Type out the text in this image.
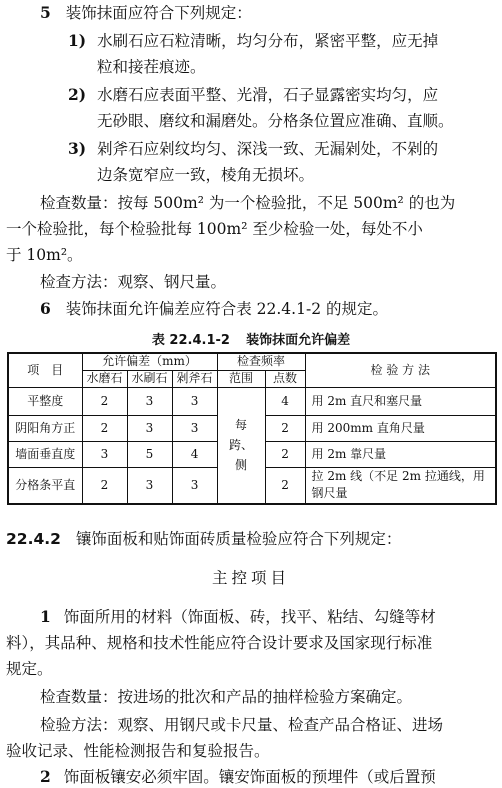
5 装饰抹面应符合下列规定：
1) 水刷石应石粒清晰，均匀分布，紧密平整，应无掉
粒和接茬痕迹。
2) 水磨石应表面平整、光滑，石子显露密实均匀，应
无砂眼、磨纹和漏磨处。分格条位置应准确、直顺。
3) 剁斧石应剁纹均匀、深浅一致、无漏剁处，不剁的
边条宽窄应一致，棱角无损坏。
检查数量：按每 500m² 为一个检验批，不足 500m² 的也为
一个检验批，每个检验批每 100m² 至少检验一处，每处不小
于 10m²。
检查方法：观察、钢尺量。
6 装饰抹面允许偏差应符合表 22.4.1-2 的规定。
表 22.4.1-2 装饰抹面允许偏差
项　目	允许偏差（mm）			检查频率		检 验 方 法
	水磨石	水刷石	剁斧石	范围	点数	
平整度	2	3	3	每跨、侧	4	用 2m 直尺和塞尺量
阴阳角方正	2	3	3		2	用 200mm 直角尺量
墙面垂直度	3	5	4		2	用 2m 靠尺量
分格条平直	2	3	3		2	拉 2m 线（不足 2m 拉通线，用钢尺量
22.4.2 镶饰面板和贴饰面砖质量检验应符合下列规定：
主控项目
1 饰面所用的材料（饰面板、砖，找平、粘结、勾缝等材
料），其品种、规格和技术性能应符合设计要求及国家现行标准
规定。
检查数量：按进场的批次和产品的抽样检验方案确定。
检验方法：观察、用钢尺或卡尺量、检查产品合格证、进场
验收记录、性能检测报告和复验报告。
2 饰面板镶安必须牢固。镶安饰面板的预埋件（或后置预
